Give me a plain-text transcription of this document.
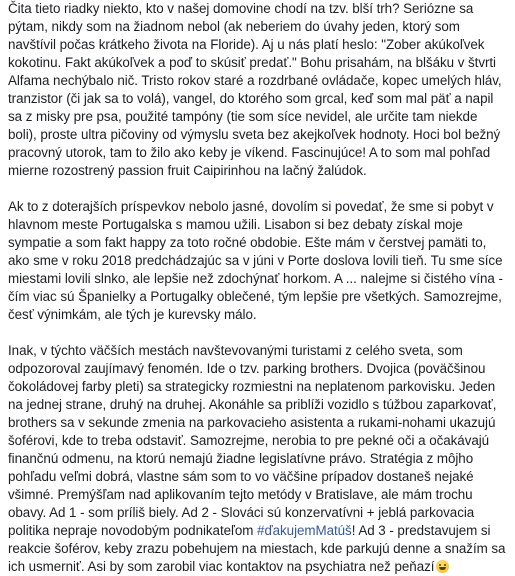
Čita tieto riadky niekto, kto v našej domovine chodí na tzv. blší trh? Seriózne sa pýtam, nikdy som na žiadnom nebol (ak neberiem do úvahy jeden, ktorý som navštívil počas krátkeho života na Floride). Aj u nás platí heslo: "Zober akúkoľvek kokotinu. Fakt akúkoľvek a poď to skúsiť predať." Bohu prisahám, na blšáku v štvrti Alfama nechýbalo nič. Tristo rokov staré a rozdrbané ovládače, kopec umelých hláv, tranzistor (či jak sa to volá), vangel, do ktorého som grcal, keď som mal päť a napil sa z misky pre psa, použité tampóny (tie som síce nevidel, ale určite tam niekde boli), proste ultra pičoviny od výmyslu sveta bez akejkoľvek hodnoty. Hoci bol bežný pracovný utorok, tam to žilo ako keby je víkend. Fascinujúce! A to som mal pohľad mierne rozostrený passion fruit Caipirinhou na lačný žalúdok.

Ak to z doterajších príspevkov nebolo jasné, dovolím si povedať, že sme si pobyt v hlavnom meste Portugalska s mamou užili. Lisabon si bez debaty získal moje sympatie a som fakt happy za toto ročné obdobie. Ešte mám v čerstvej pamäti to, ako sme v roku 2018 predchádzajúc sa v júni v Porte doslova lovili tieň. Tu sme síce miestami lovili slnko, ale lepšie než zdochýnať horkom. A ... nalejme si čistého vína - čím viac sú Španielky a Portugalky oblečené, tým lepšie pre všetkých. Samozrejme, česť výnimkám, ale tých je kurevsky málo.

Inak, v týchto väčších mestách navštevovanými turistami z celého sveta, som odpozoroval zaujímavý fenomén. Ide o tzv. parking brothers. Dvojica (poväčšinou čokoládovej farby pleti) sa strategicky rozmiestni na neplatenom parkovisku. Jeden na jednej strane, druhý na druhej. Akonáhle sa priblíži vozidlo s túžbou zaparkovať, brothers sa v sekunde zmenia na parkovacieho asistenta a rukami-nohami ukazujú šoférovi, kde to treba odstaviť. Samozrejme, nerobia to pre pekné oči a očakávajú finančnú odmenu, na ktorú nemajú žiadne legislatívne právo. Stratégia z môjho pohľadu veľmi dobrá, vlastne sám som to vo väčšine prípadov dostanеš nejaké všimné. Premýšľam nad aplikovaním tejto metódy v Bratislave, ale mám trochu obavy. Ad 1 - som príliš biely. Ad 2 - Slováci sú konzervatívni + jeblá parkovacia politika nepraje novodobým podnikateľom #ďakujemMatúš! Ad 3 - predstavujem si reakcie šoférov, keby zrazu pobehujem na miestach, kde parkujú denne a snažím sa ich usmerniť. Asi by som zarobil viac kontaktov na psychiatra než peňazí
